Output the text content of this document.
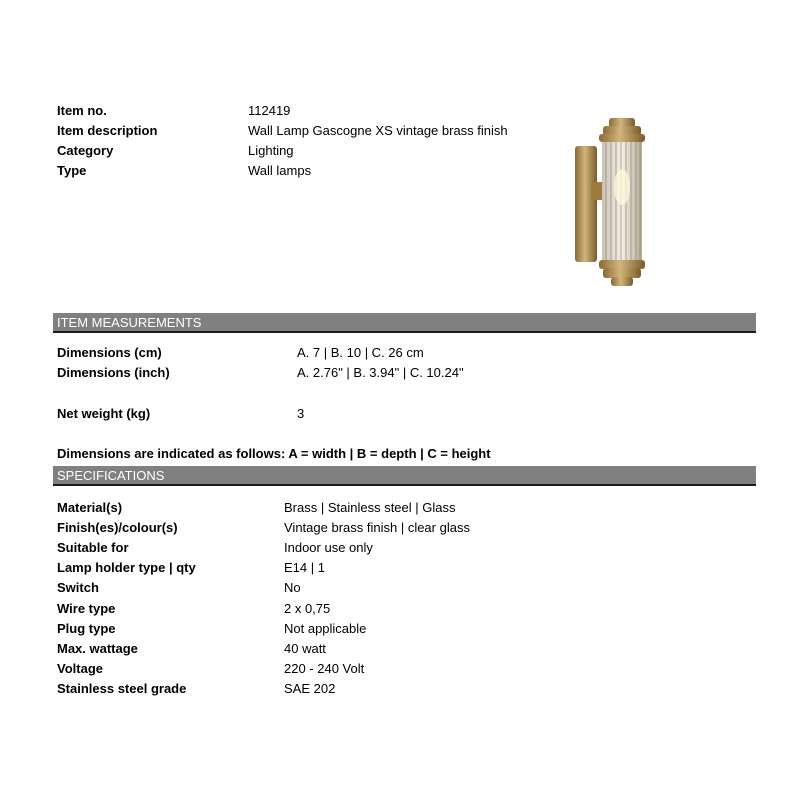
Item no.	112419
Item description	Wall Lamp Gascogne XS vintage brass finish
Category	Lighting
Type	Wall lamps
ITEM MEASUREMENTS
Dimensions (cm)	A. 7 | B. 10 | C. 26 cm
Dimensions (inch)	A. 2.76" | B. 3.94" | C. 10.24"
Net weight (kg)	3
Dimensions are indicated as follows: A = width | B = depth | C = height
SPECIFICATIONS
Material(s)	Brass | Stainless steel | Glass
Finish(es)/colour(s)	Vintage brass finish | clear glass
Suitable for	Indoor use only
Lamp holder type | qty	E14 | 1
Switch	No
Wire type	2 x 0,75
Plug type	Not applicable
Max. wattage	40 watt
Voltage	220 - 240 Volt
Stainless steel grade	SAE 202
